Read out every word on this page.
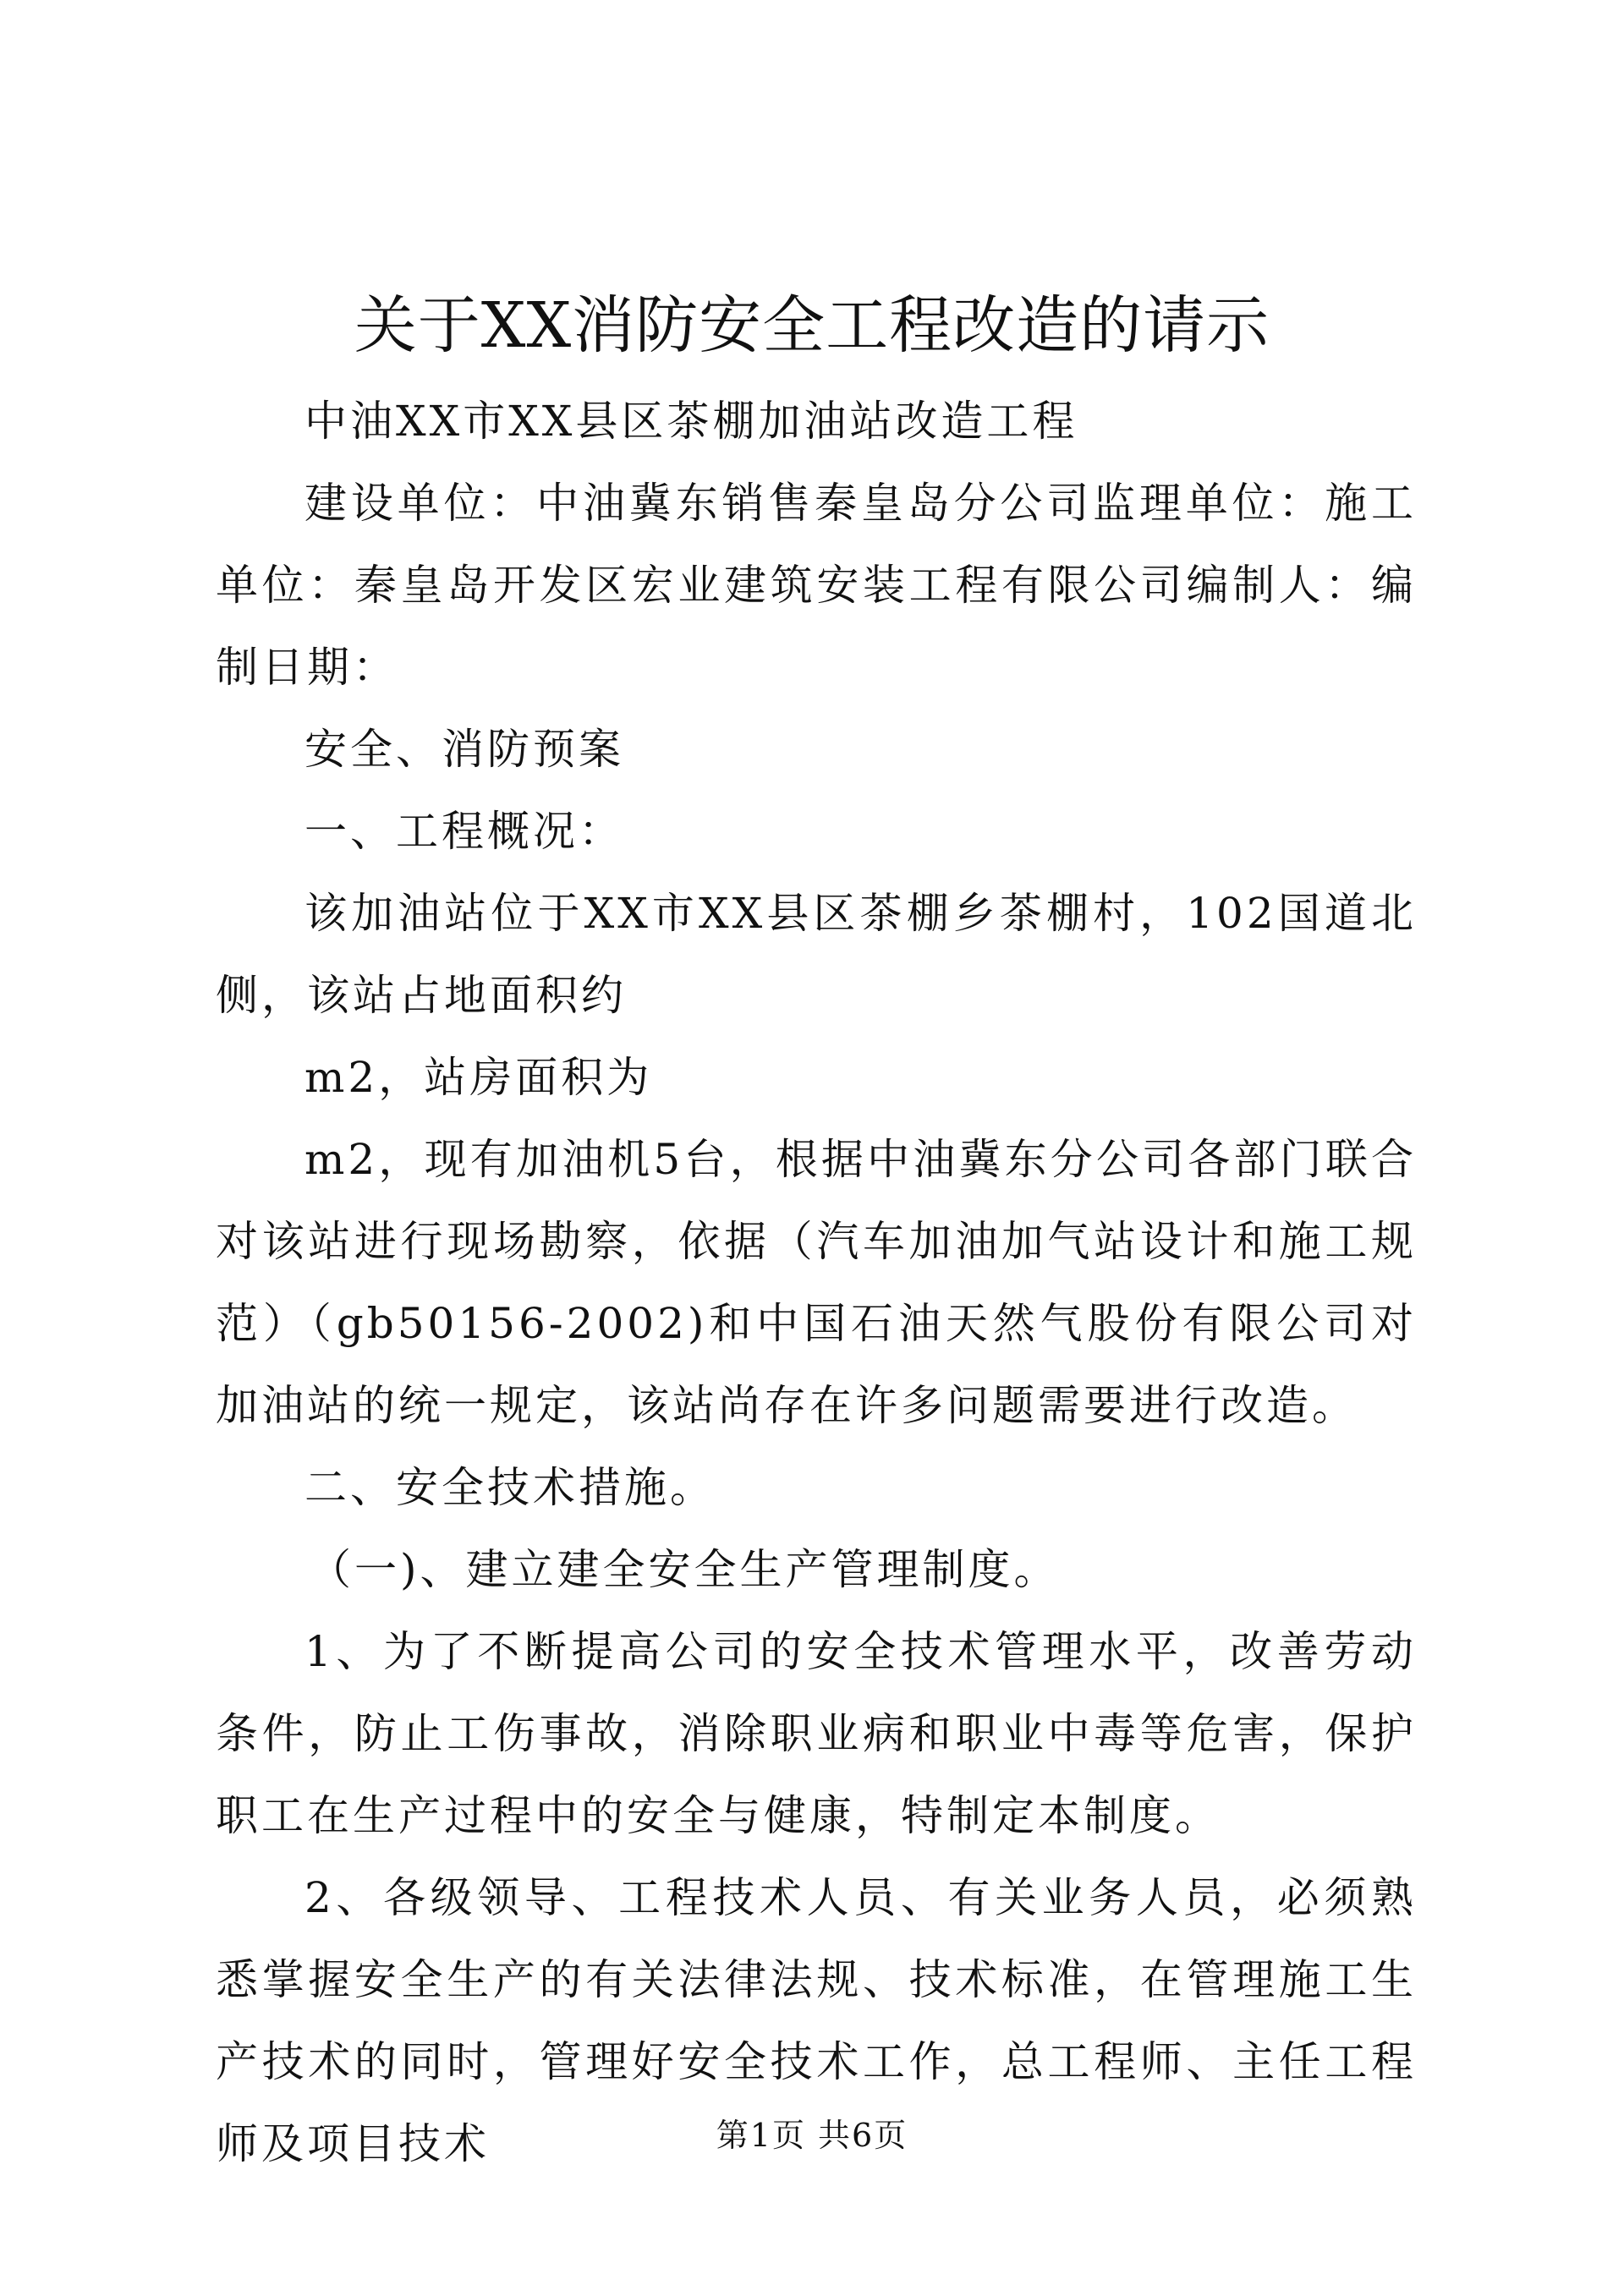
关于XX消防安全工程改造的请示

中油XX市XX县区茶棚加油站改造工程

建设单位：中油冀东销售秦皇岛分公司监理单位：施工单位：秦皇岛开发区宏业建筑安装工程有限公司编制人：编制日期：

安全、消防预案

一、工程概况：

该加油站位于XX市XX县区茶棚乡茶棚村，102国道北侧，该站占地面积约

m2，站房面积为

m2，现有加油机5台，根据中油冀东分公司各部门联合对该站进行现场勘察，依据（汽车加油加气站设计和施工规范）（gb50156-2002)和中国石油天然气股份有限公司对加油站的统一规定，该站尚存在许多问题需要进行改造。

二、安全技术措施。

（一)、建立建全安全生产管理制度。

1、为了不断提高公司的安全技术管理水平，改善劳动条件，防止工伤事故，消除职业病和职业中毒等危害，保护职工在生产过程中的安全与健康，特制定本制度。

2、各级领导、工程技术人员、有关业务人员，必须熟悉掌握安全生产的有关法律法规、技术标准，在管理施工生产技术的同时，管理好安全技术工作，总工程师、主任工程师及项目技术	第1页 共6页
